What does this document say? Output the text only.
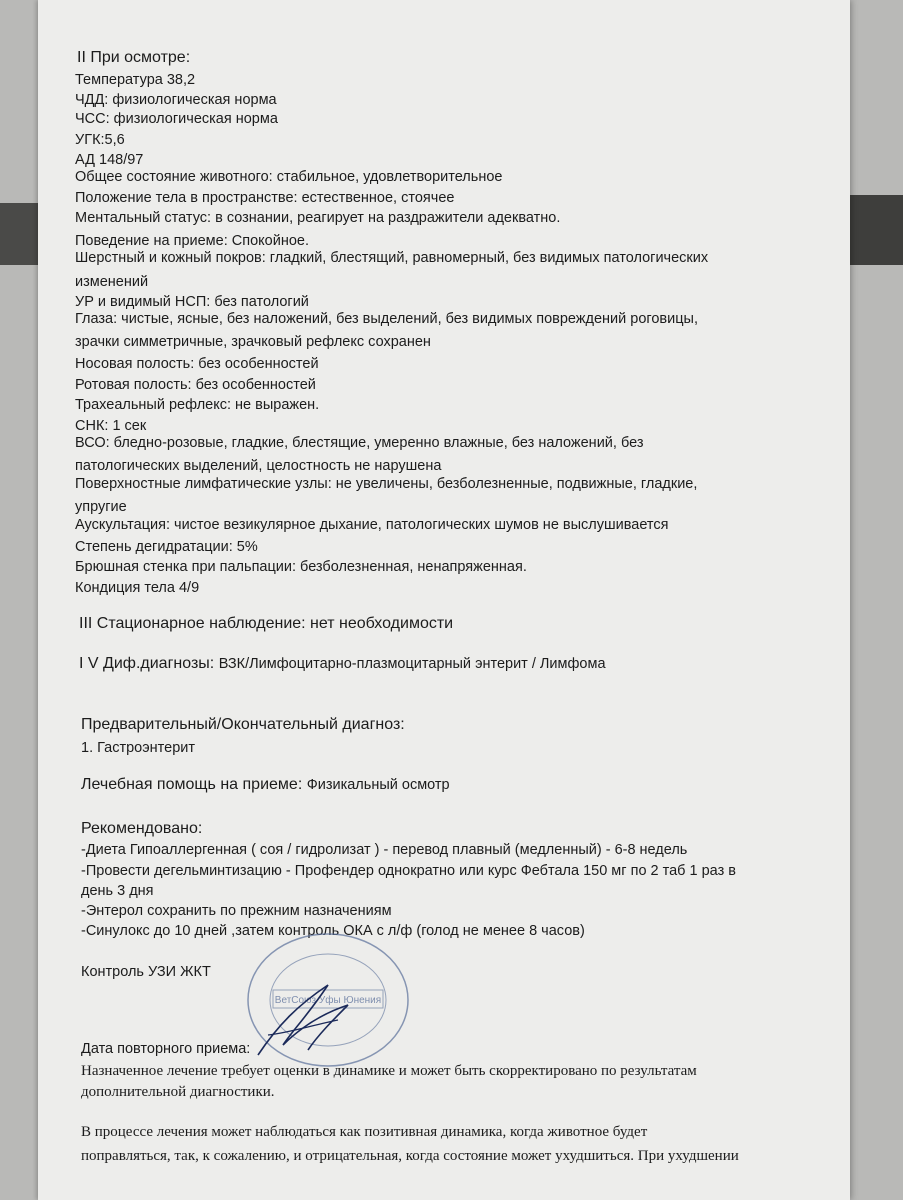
II При осмотре:
Температура 38,2
ЧДД: физиологическая норма
ЧСС: физиологическая норма
УГК:5,6
АД 148/97
Общее состояние животного: стабильное, удовлетворительное
Положение тела в пространстве: естественное, стоячее
Ментальный статус: в сознании, реагирует на раздражители адекватно.
Поведение на приеме: Спокойное.
Шерстный и кожный покров: гладкий, блестящий, равномерный, без видимых патологических
изменений
УР и видимый НСП: без патологий
Глаза: чистые, ясные, без наложений, без выделений, без видимых повреждений роговицы,
зрачки симметричные, зрачковый рефлекс сохранен
Носовая полость: без особенностей
Ротовая полость: без особенностей
Трахеальный рефлекс: не выражен.
СНК: 1 сек
ВСО: бледно-розовые, гладкие, блестящие, умеренно влажные, без наложений, без
патологических выделений, целостность не нарушена
Поверхностные лимфатические узлы: не увеличены, безболезненные, подвижные, гладкие,
упругие
Аускультация: чистое везикулярное дыхание, патологических шумов не выслушивается
Степень дегидратации: 5%
Брюшная стенка при пальпации: безболезненная, ненапряженная.
Кондиция тела 4/9
III Стационарное наблюдение: нет необходимости
I V Диф.диагнозы: ВЗК/Лимфоцитарно-плазмоцитарный энтерит / Лимфома
Предварительный/Окончательный диагноз:
1. Гастроэнтерит
Лечебная помощь на приеме: Физикальный осмотр
Рекомендовано:
-Диета Гипоаллергенная ( соя / гидролизат ) - перевод плавный (медленный) - 6-8 недель
-Провести дегельминтизацию - Профендер однократно или курс Фебтала 150 мг по 2 таб 1 раз в
день 3 дня
-Энтерол сохранить по прежним назначениям
-Синулокс до 10 дней ,затем контроль ОКА с л/ф (голод не менее 8 часов)
Контроль УЗИ ЖКТ
Дата повторного приема:
Назначенное лечение требует оценки в динамике и может быть скорректировано по результатам
дополнительной диагностики.
В процессе лечения может наблюдаться как позитивная динамика, когда животное будет
поправляться, так, к сожалению, и отрицательная, когда состояние может ухудшиться. При ухудшении
ВетСоюз Уфы Юнения
